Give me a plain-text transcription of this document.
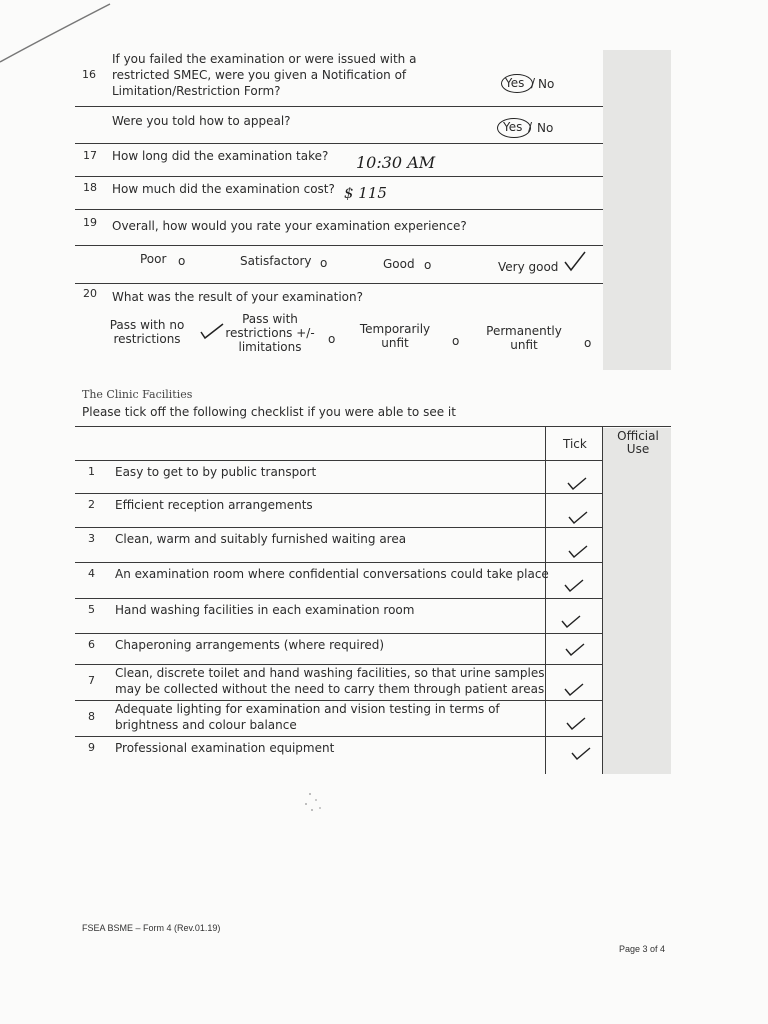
16
If you failed the examination or were issued with a
restricted SMEC, were you given a Notification of
Limitation/Restriction Form?
Yes / No
Were you told how to appeal?	Yes / No
17 How long did the examination take? 10:30 AM
18 How much did the examination cost? $ 115
19 Overall, how would you rate your examination experience?
Poor o	Satisfactory o	Good o	Very good
20 What was the result of your examination?
Pass with no
restrictions
Pass with
restrictions +/-
limitations
o
Temporarily
unfit	o
Permanently
unfit	o
The Clinic Facilities
Please tick off the following checklist if you were able to see it
Tick
Official
Use
1 Easy to get to by public transport
2 Efficient reception arrangements
3 Clean, warm and suitably furnished waiting area
4 An examination room where confidential conversations could take place
5 Hand washing facilities in each examination room
6 Chaperoning arrangements (where required)
7
Clean, discrete toilet and hand washing facilities, so that urine samples
may be collected without the need to carry them through patient areas
8
Adequate lighting for examination and vision testing in terms of
brightness and colour balance
9 Professional examination equipment
FSEA BSME – Form 4 (Rev.01.19)
Page 3 of 4
